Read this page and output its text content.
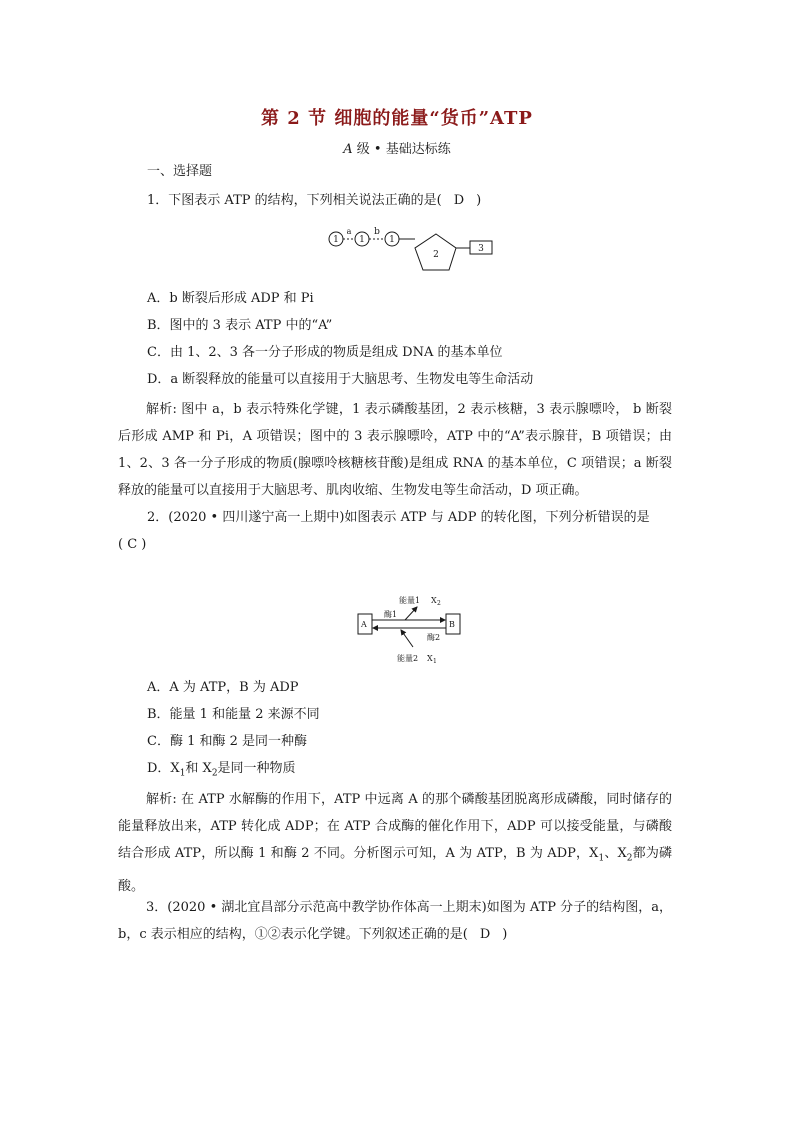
第 2 节 细胞的能量“货币”ATP
A 级 • 基础达标练
一、选择题
1．下图表示 ATP 的结构，下列相关说法正确的是( D )
1 1	1
a	b
2
3
A．b 断裂后形成 ADP 和 Pi
B．图中的 3 表示 ATP 中的“A”
C．由 1、2、3 各一分子形成的物质是组成 DNA 的基本单位
D．a 断裂释放的能量可以直接用于大脑思考、生物发电等生命活动
解析: 图中 a，b 表示特殊化学键，1 表示磷酸基团，2 表示核糖，3 表示腺嘌呤， b 断裂后形成 AMP 和 Pi，A 项错误；图中的 3 表示腺嘌呤，ATP 中的“A”表示腺苷，B 项错误；由 1、2、3 各一分子形成的物质(腺嘌呤核糖核苷酸)是组成 RNA 的基本单位，C 项错误；a 断裂释放的能量可以直接用于大脑思考、肌肉收缩、生物发电等生命活动，D 项正确。
2．(2020 • 四川遂宁高一上期中)如图表示 ATP 与 ADP 的转化图，下列分析错误的是
( C )
A	B
酶1
能量1 X 2
酶2
能量2 X 1
A．A 为 ATP，B 为 ADP
B．能量 1 和能量 2 来源不同
C．酶 1 和酶 2 是同一种酶
D．$X_1$和 $X_2$是同一种物质
解析: 在 ATP 水解酶的作用下，ATP 中远离 A 的那个磷酸基团脱离形成磷酸，同时储存的能量释放出来，ATP 转化成 ADP；在 ATP 合成酶的催化作用下，ADP 可以接受能量，与磷酸结合形成 ATP，所以酶 1 和酶 2 不同。分析图示可知，A 为 ATP，B 为 ADP，$X_1$、$X_2$都为磷酸。
3．(2020 • 湖北宜昌部分示范高中教学协作体高一上期末)如图为 ATP 分子的结构图，a，b，c 表示相应的结构，①②表示化学键。下列叙述正确的是( D )
